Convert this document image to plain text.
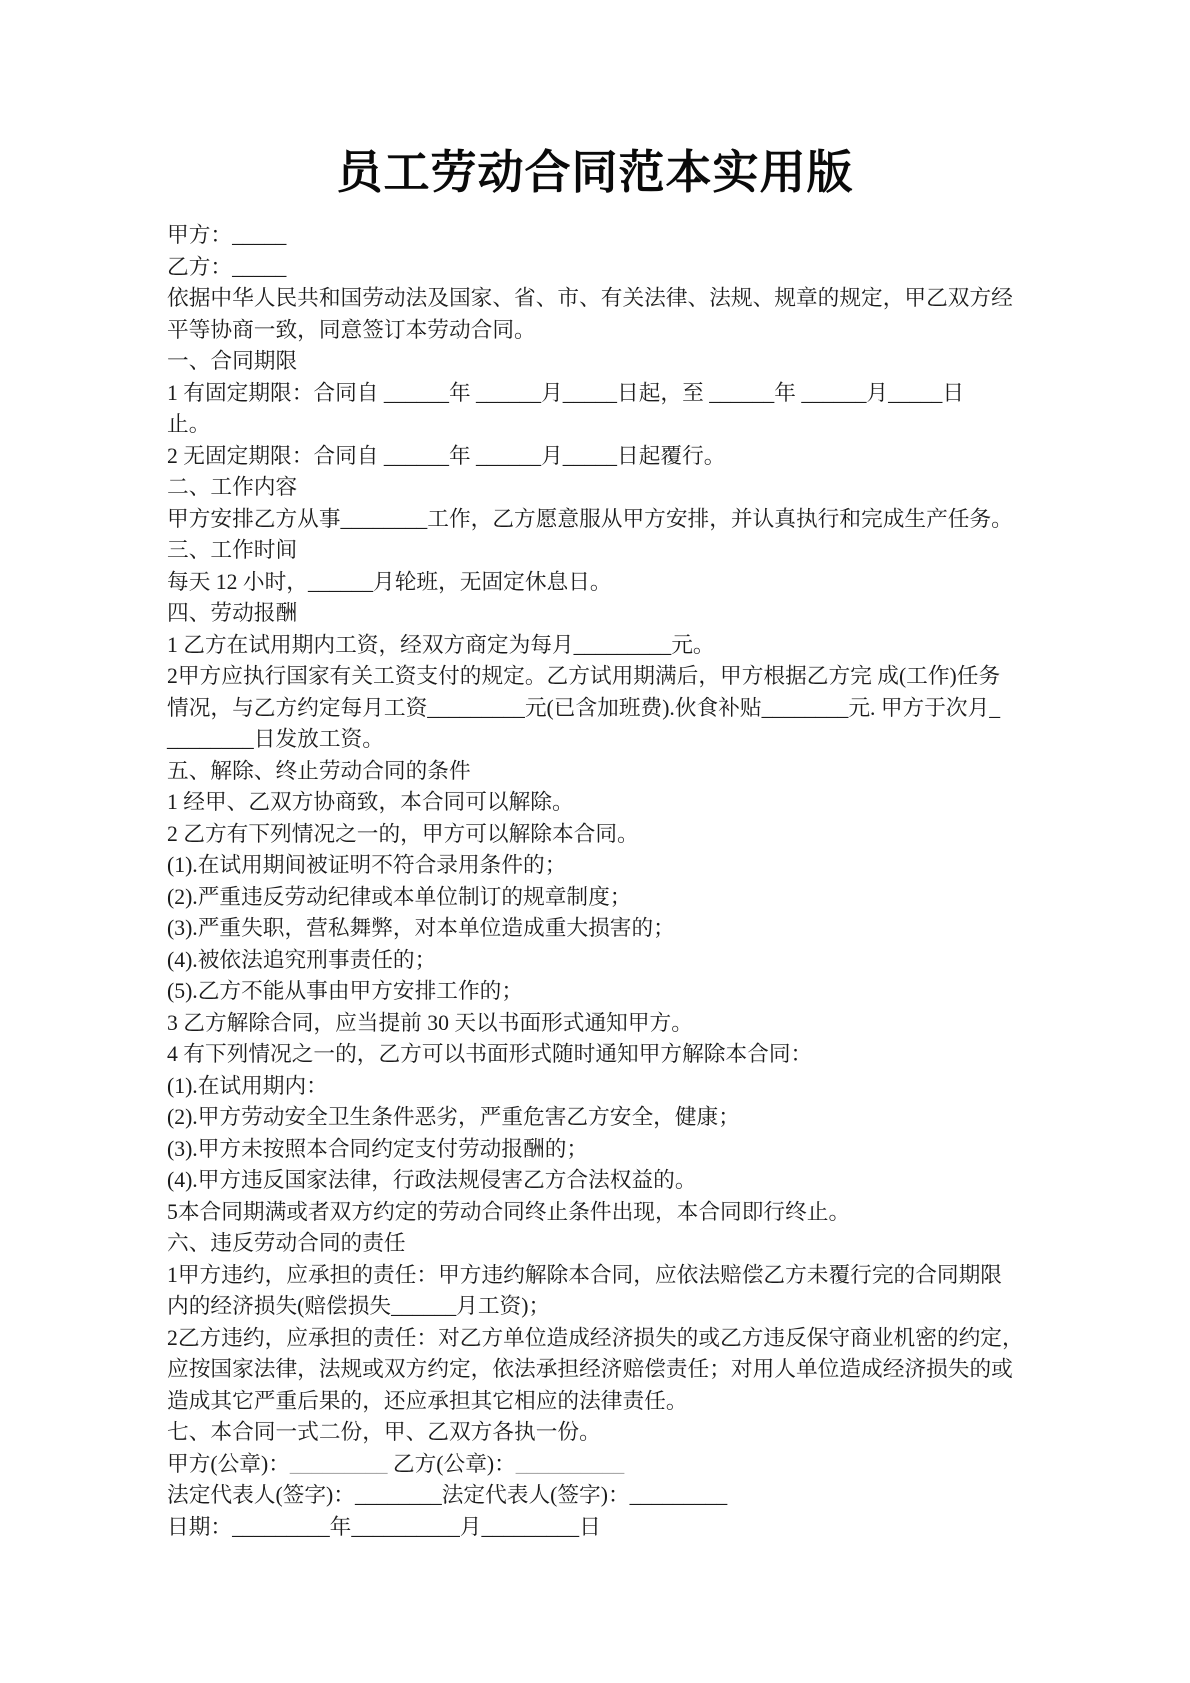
员工劳动合同范本实用版
甲方：_____
乙方：_____
依据中华人民共和国劳动法及国家、省、市、有关法律、法规、规章的规定，甲乙双方经
平等协商一致，同意签订本劳动合同。
一、合同期限
1 有固定期限：合同自 ______年 ______月_____日起，至 ______年 ______月_____日
止。
2 无固定期限：合同自 ______年 ______月_____日起覆行。
二、工作内容
甲方安排乙方从事________工作，乙方愿意服从甲方安排，并认真执行和完成生产任务。
三、工作时间
每天 12 小时，______月轮班，无固定休息日。
四、劳动报酬
1 乙方在试用期内工资，经双方商定为每月_________元。
2甲方应执行国家有关工资支付的规定。乙方试用期满后，甲方根据乙方完 成(工作)任务
情况，与乙方约定每月工资_________元(已含加班费).伙食补贴________元. 甲方于次月_
________日发放工资。
五、解除、终止劳动合同的条件
1 经甲、乙双方协商致，本合同可以解除。
2 乙方有下列情况之一的，甲方可以解除本合同。
(1).在试用期间被证明不符合录用条件的；
(2).严重违反劳动纪律或本单位制订的规章制度；
(3).严重失职，营私舞弊，对本单位造成重大损害的；
(4).被依法追究刑事责任的；
(5).乙方不能从事由甲方安排工作的；
3 乙方解除合同，应当提前 30 天以书面形式通知甲方。
4 有下列情况之一的，乙方可以书面形式随时通知甲方解除本合同：
(1).在试用期内：
(2).甲方劳动安全卫生条件恶劣，严重危害乙方安全，健康；
(3).甲方未按照本合同约定支付劳动报酬的；
(4).甲方违反国家法律，行政法规侵害乙方合法权益的。
5本合同期满或者双方约定的劳动合同终止条件出现，本合同即行终止。
六、违反劳动合同的责任
1甲方违约，应承担的责任：甲方违约解除本合同，应依法赔偿乙方未覆行完的合同期限
内的经济损失(赔偿损失______月工资)；
2乙方违约，应承担的责任：对乙方单位造成经济损失的或乙方违反保守商业机密的约定，
应按国家法律，法规或双方约定，依法承担经济赔偿责任；对用人单位造成经济损失的或
造成其它严重后果的，还应承担其它相应的法律责任。
七、本合同一式二份，甲、乙双方各执一份。
甲方(公章)：_________ 乙方(公章)：__________
法定代表人(签字)：________法定代表人(签字)：_________
日期：_________年__________月_________日
